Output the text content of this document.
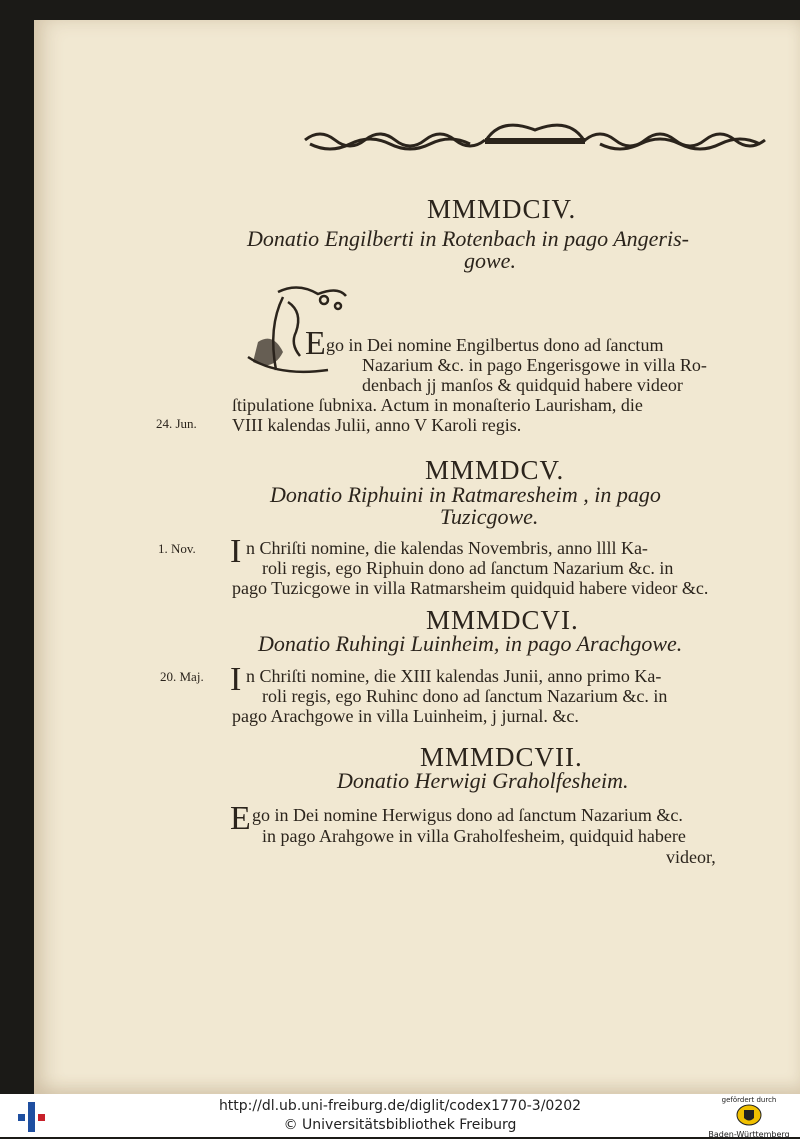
MMMDCIV.
Donatio Engilberti in Rotenbach in pago Angeris-
gowe.
E go in Dei nomine Engilbertus dono ad ſanctum
Nazarium &c. in pago Engerisgowe in villa Ro-
denbach jj manſos & quidquid habere videor
ſtipulatione ſubnixa. Actum in monaſterio Laurisham, die
24. Jun. VIII kalendas Julii, anno V Karoli regis.
MMMDCV.
Donatio Riphuini in Ratmaresheim , in pago
Tuzicgowe.
1. Nov. I n Chriſti nomine, die kalendas Novembris, anno llll Ka-
roli regis, ego Riphuin dono ad ſanctum Nazarium &c. in
pago Tuzicgowe in villa Ratmarsheim quidquid habere videor &c.
MMMDCVI.
Donatio Ruhingi Luinheim, in pago Arachgowe.
20. Maj. I n Chriſti nomine, die XIII kalendas Junii, anno primo Ka-
roli regis, ego Ruhinc dono ad ſanctum Nazarium &c. in
pago Arachgowe in villa Luinheim, j jurnal. &c.
MMMDCVII.
Donatio Herwigi Graholfesheim.
E go in Dei nomine Herwigus dono ad ſanctum Nazarium &c.
in pago Arahgowe in villa Graholfesheim, quidquid habere
videor,
http://dl.ub.uni-freiburg.de/diglit/codex1770-3/0202
© Universitätsbibliothek Freiburg
gefördert durch
Baden-Württemberg
